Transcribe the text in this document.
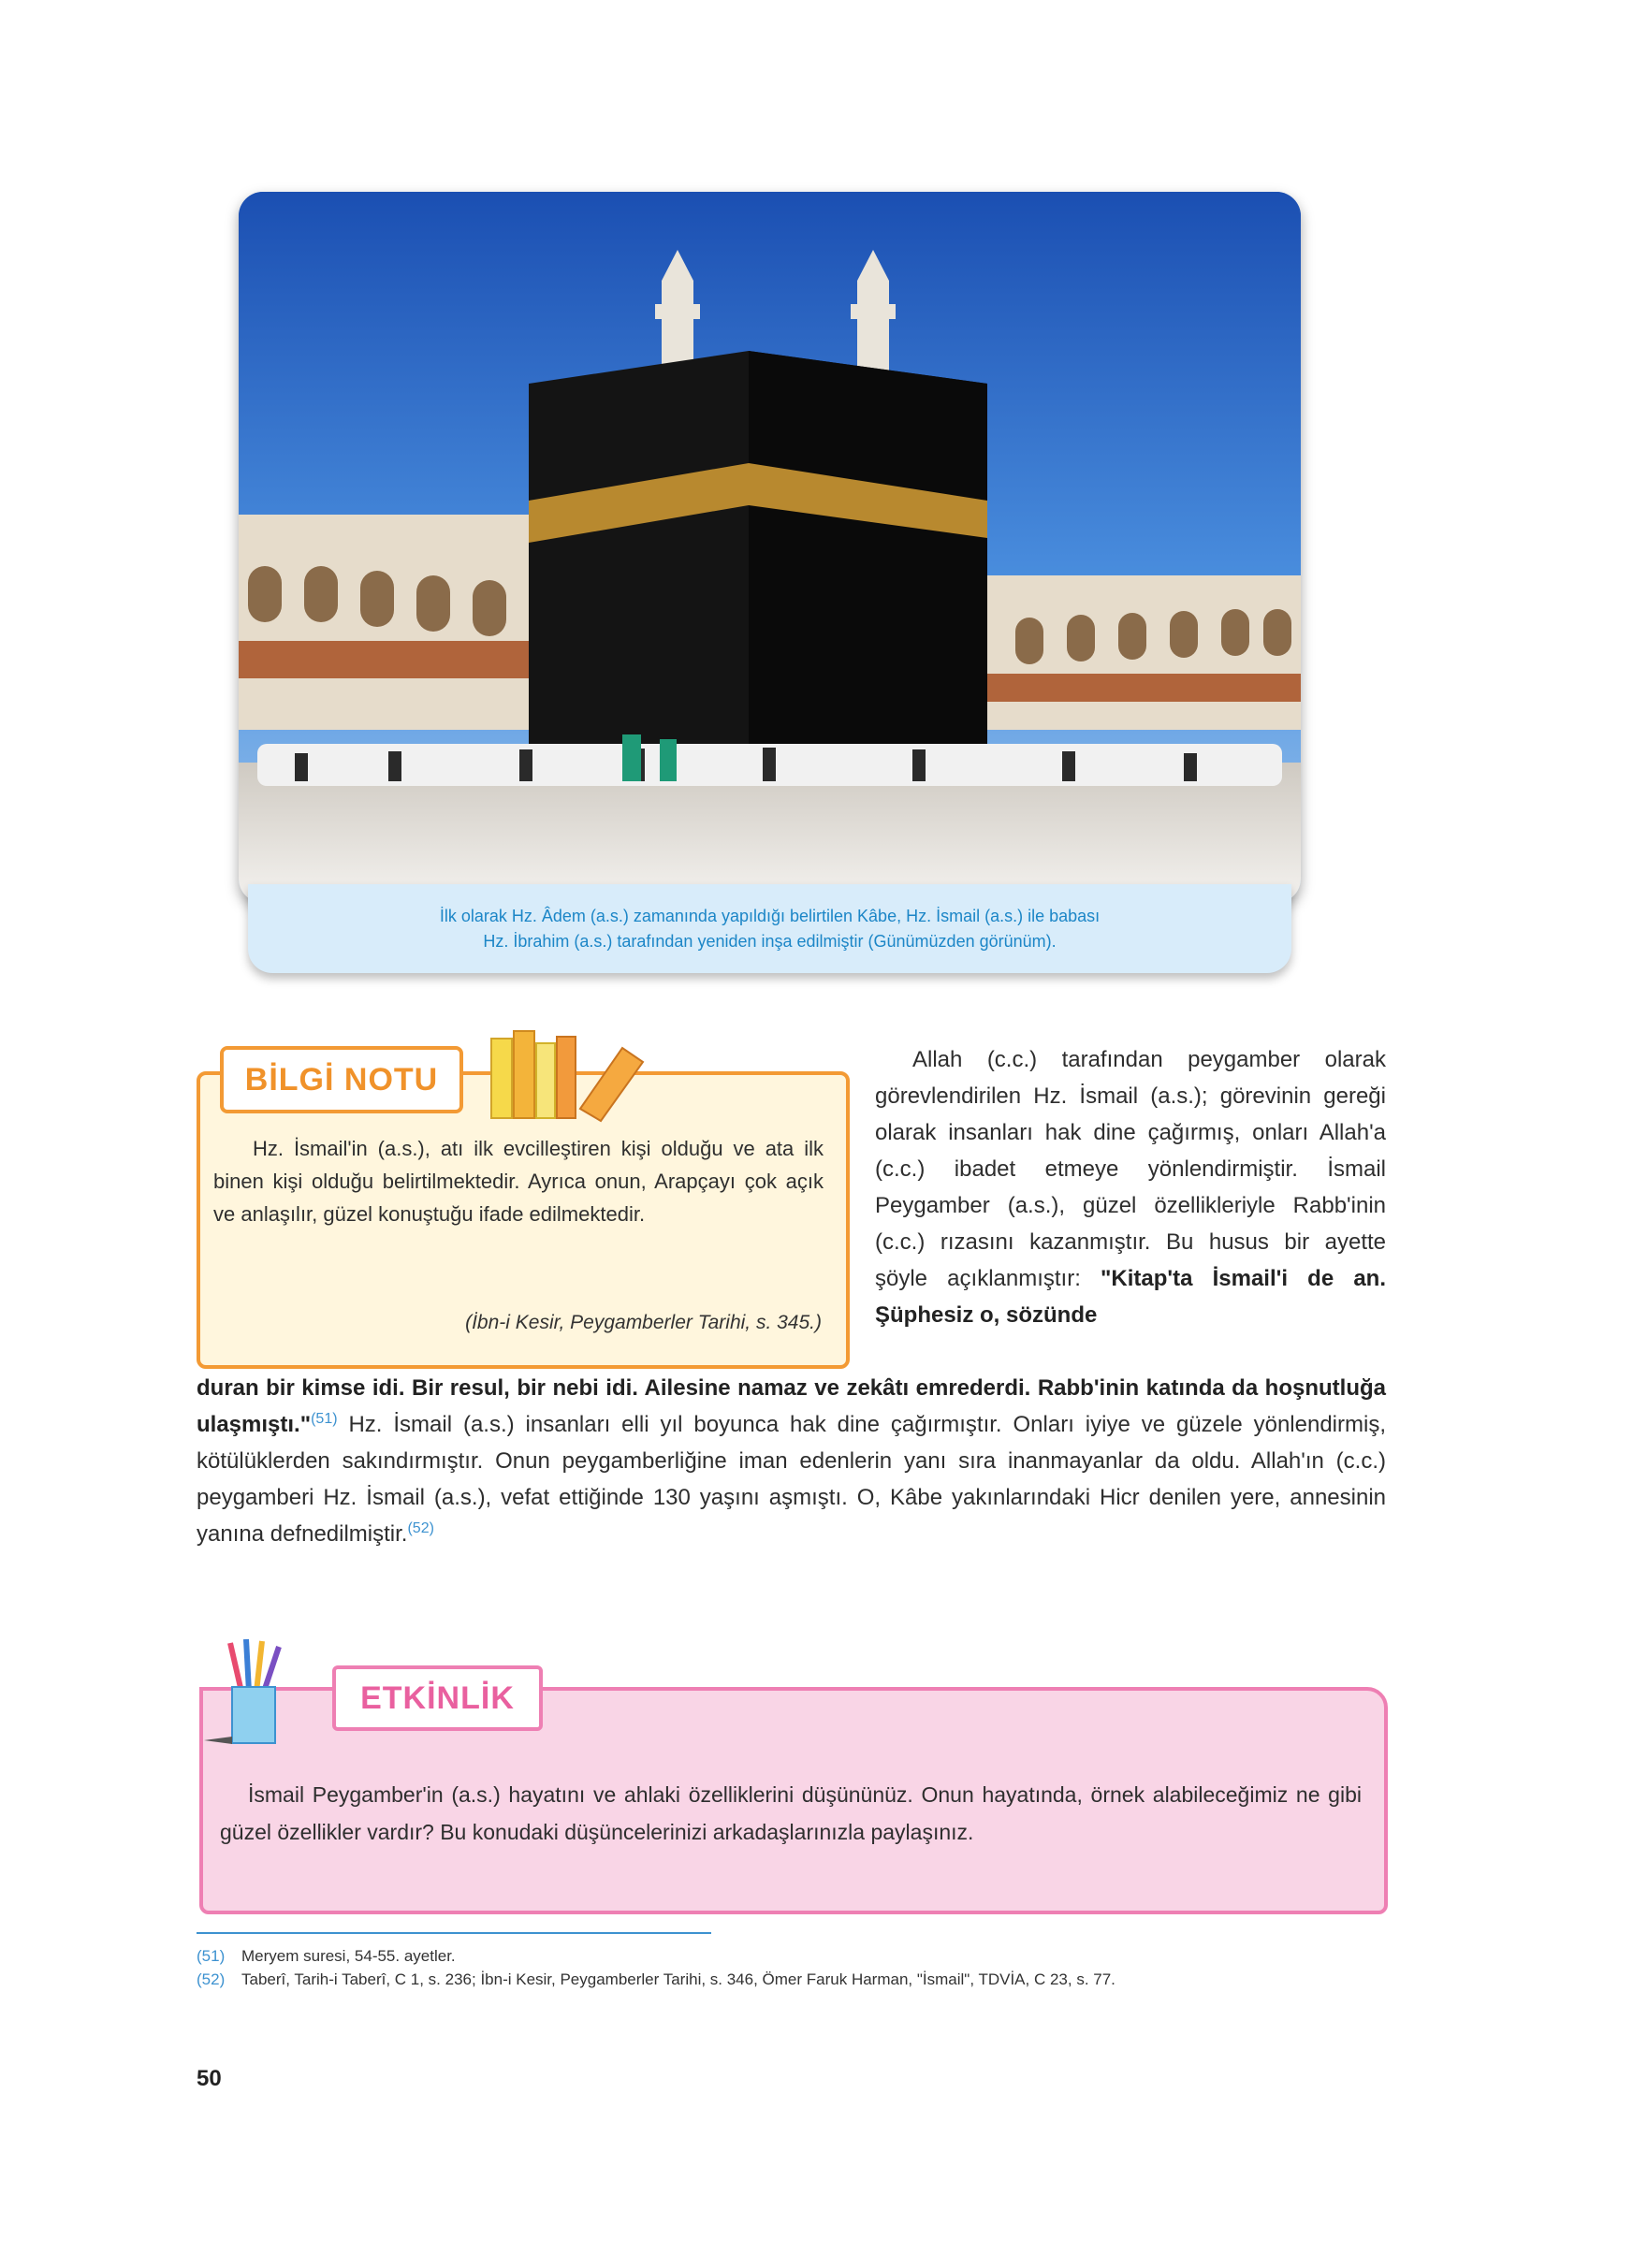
İlk olarak Hz. Âdem (a.s.) zamanında yapıldığı belirtilen Kâbe, Hz. İsmail (a.s.) ile babası
Hz. İbrahim (a.s.) tarafından yeniden inşa edilmiştir (Günümüzden görünüm).
BİLGİ NOTU
Hz. İsmail'in (a.s.), atı ilk evcilleştiren kişi olduğu ve ata ilk binen kişi olduğu belirtilmektedir. Ayrıca onun, Arapçayı çok açık ve anlaşılır, güzel konuştuğu ifade edilmektedir.
(İbn-i Kesir, Peygamberler Tarihi, s. 345.)
Allah (c.c.) tarafından peygamber olarak görevlendirilen Hz. İsmail (a.s.); görevinin gereği olarak insanları hak dine çağırmış, onları Allah'a (c.c.) ibadet etmeye yönlendirmiştir. İsmail Peygamber (a.s.), güzel özellikleriyle Rabb'inin (c.c.) rızasını kazanmıştır. Bu husus bir ayette şöyle açıklanmıştır: "Kitap'ta İsmail'i de an. Şüphesiz o, sözünde
duran bir kimse idi. Bir resul, bir nebi idi. Ailesine namaz ve zekâtı emrederdi. Rabb'inin katında da hoşnutluğa ulaşmıştı."$^{(51)}$ Hz. İsmail (a.s.) insanları elli yıl boyunca hak dine çağırmıştır. Onları iyiye ve güzele yönlendirmiş, kötülüklerden sakındırmıştır. Onun peygamberliğine iman edenlerin yanı sıra inanmayanlar da oldu. Allah'ın (c.c.) peygamberi Hz. İsmail (a.s.), vefat ettiğinde 130 yaşını aşmıştı. O, Kâbe yakınlarındaki Hicr denilen yere, annesinin yanına defnedilmiştir.$^{(52)}$
ETKİNLİK
İsmail Peygamber'in (a.s.) hayatını ve ahlaki özelliklerini düşününüz. Onun hayatında, örnek alabileceğimiz ne gibi güzel özellikler vardır? Bu konudaki düşüncelerinizi arkadaşlarınızla paylaşınız.
(51)	Meryem suresi, 54-55. ayetler.
(52)	Taberî, Tarih-i Taberî, C 1, s. 236; İbn-i Kesir, Peygamberler Tarihi, s. 346, Ömer Faruk Harman, "İsmail", TDVİA, C 23, s. 77.
50
